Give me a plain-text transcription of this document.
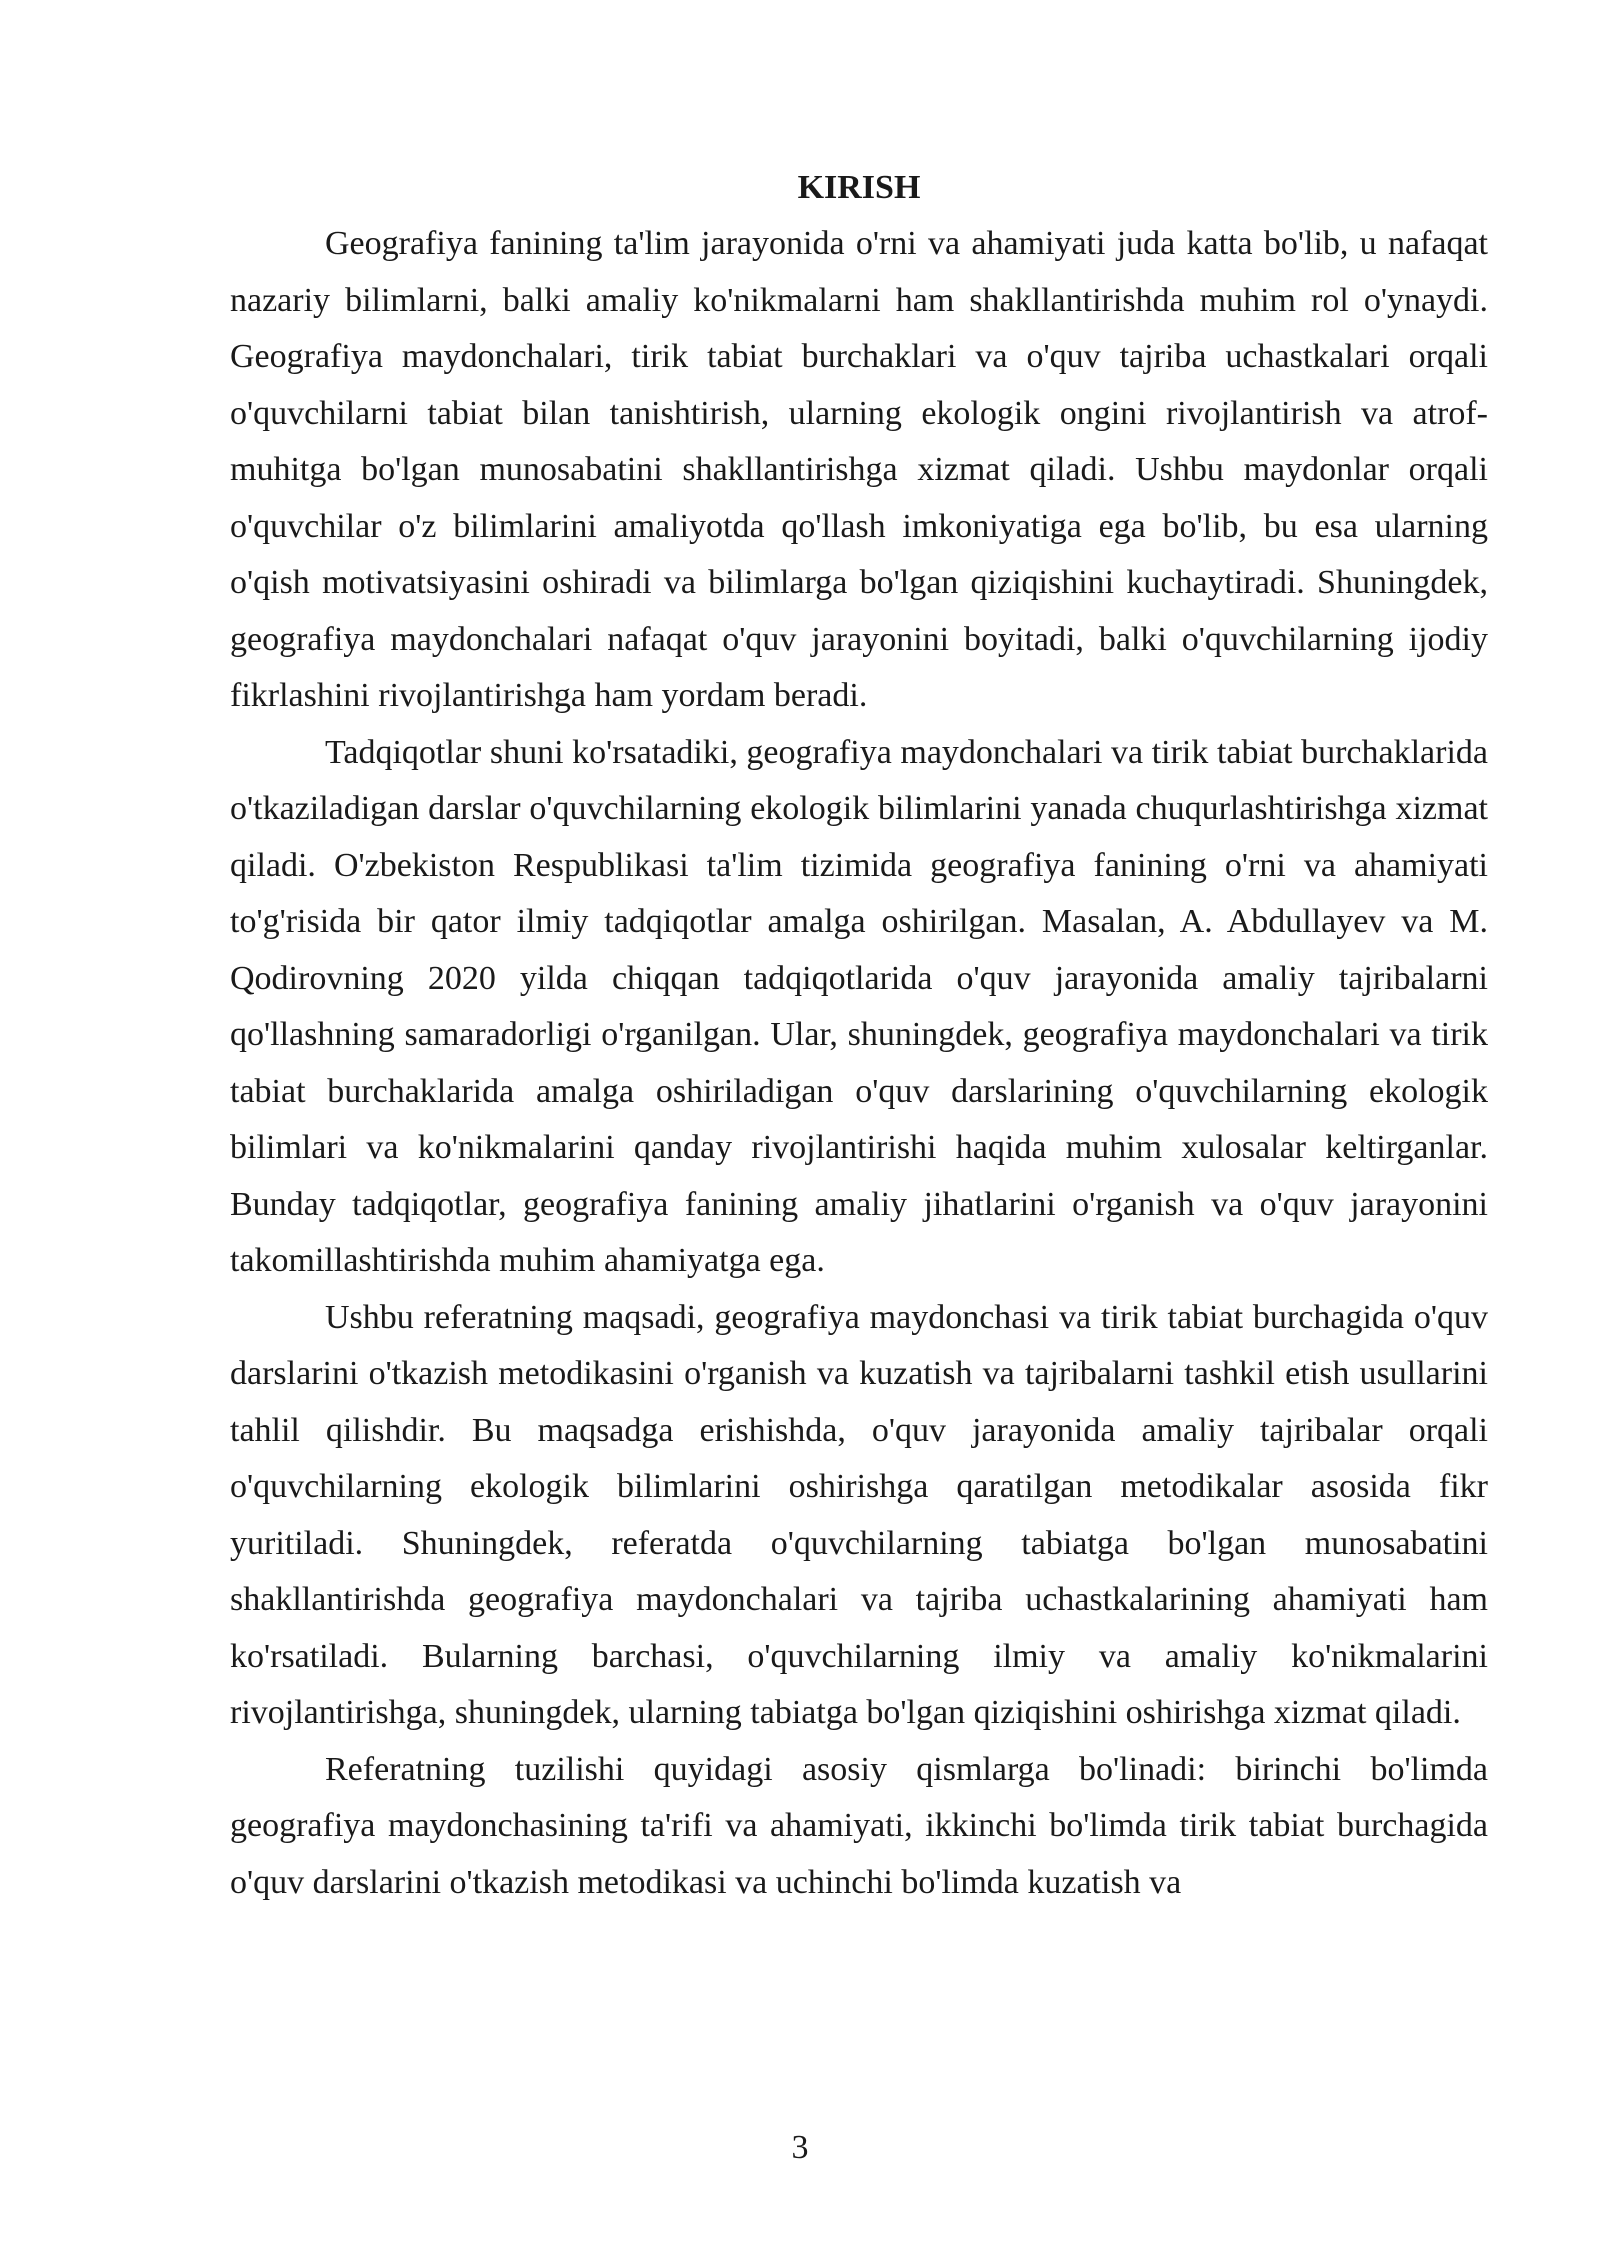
KIRISH

Geografiya fanining ta'lim jarayonida o'rni va ahamiyati juda katta bo'lib, u nafaqat nazariy bilimlarni, balki amaliy ko'nikmalarni ham shakllantirishda muhim rol o'ynaydi. Geografiya maydonchalari, tirik tabiat burchaklari va o'quv tajriba uchastkalari orqali o'quvchilarni tabiat bilan tanishtirish, ularning ekologik ongini rivojlantirish va atrof-muhitga bo'lgan munosabatini shakllantirishga xizmat qiladi. Ushbu maydonlar orqali o'quvchilar o'z bilimlarini amaliyotda qo'llash imkoniyatiga ega bo'lib, bu esa ularning o'qish motivatsiyasini oshiradi va bilimlarga bo'lgan qiziqishini kuchaytiradi. Shuningdek, geografiya maydonchalari nafaqat o'quv jarayonini boyitadi, balki o'quvchilarning ijodiy fikrlashini rivojlantirishga ham yordam beradi.

Tadqiqotlar shuni ko'rsatadiki, geografiya maydonchalari va tirik tabiat burchaklarida o'tkaziladigan darslar o'quvchilarning ekologik bilimlarini yanada chuqurlashtirishga xizmat qiladi. O'zbekiston Respublikasi ta'lim tizimida geografiya fanining o'rni va ahamiyati to'g'risida bir qator ilmiy tadqiqotlar amalga oshirilgan. Masalan, A. Abdullayev va M. Qodirovning 2020 yilda chiqqan tadqiqotlarida o'quv jarayonida amaliy tajribalarni qo'llashning samaradorligi o'rganilgan. Ular, shuningdek, geografiya maydonchalari va tirik tabiat burchaklarida amalga oshiriladigan o'quv darslarining o'quvchilarning ekologik bilimlari va ko'nikmalarini qanday rivojlantirishi haqida muhim xulosalar keltirganlar. Bunday tadqiqotlar, geografiya fanining amaliy jihatlarini o'rganish va o'quv jarayonini takomillashtirishda muhim ahamiyatga ega.

Ushbu referatning maqsadi, geografiya maydonchasi va tirik tabiat burchagida o'quv darslarini o'tkazish metodikasini o'rganish va kuzatish va tajribalarni tashkil etish usullarini tahlil qilishdir. Bu maqsadga erishishda, o'quv jarayonida amaliy tajribalar orqali o'quvchilarning ekologik bilimlarini oshirishga qaratilgan metodikalar asosida fikr yuritiladi. Shuningdek, referatda o'quvchilarning tabiatga bo'lgan munosabatini shakllantirishda geografiya maydonchalari va tajriba uchastkalarining ahamiyati ham ko'rsatiladi. Bularning barchasi, o'quvchilarning ilmiy va amaliy ko'nikmalarini rivojlantirishga, shuningdek, ularning tabiatga bo'lgan qiziqishini oshirishga xizmat qiladi.

Referatning tuzilishi quyidagi asosiy qismlarga bo'linadi: birinchi bo'limda geografiya maydonchasining ta'rifi va ahamiyati, ikkinchi bo'limda tirik tabiat burchagida o'quv darslarini o'tkazish metodikasi va uchinchi bo'limda kuzatish va

3
